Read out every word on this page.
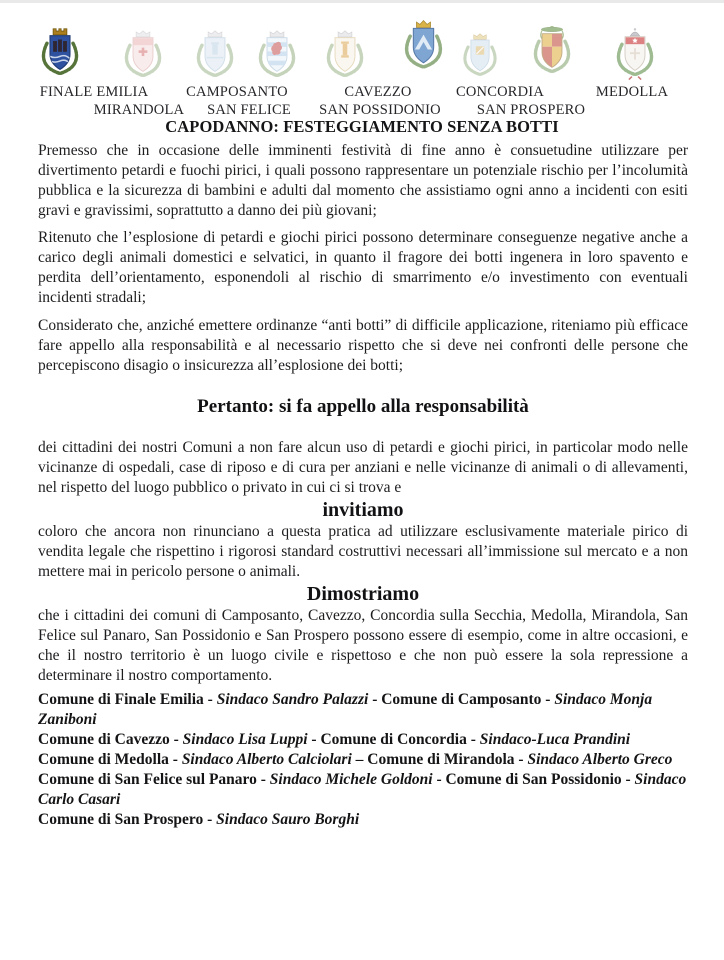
FINALE EMILIA	CAMPOSANTO	CAVEZZO	CONCORDIA	MEDOLLA
MIRANDOLA SAN FELICE SAN POSSIDONIO SAN PROSPERO
CAPODANNO: FESTEGGIAMENTO SENZA BOTTI

Premesso che in occasione delle imminenti festività di fine anno è consuetudine utilizzare per divertimento petardi e fuochi pirici, i quali possono rappresentare un potenziale rischio per l’incolumità pubblica e la sicurezza di bambini e adulti dal momento che assistiamo ogni anno a incidenti con esiti gravi e gravissimi, soprattutto a danno dei più giovani;

Ritenuto che l’esplosione di petardi e giochi pirici possono determinare conseguenze negative anche a carico degli animali domestici e selvatici, in quanto il fragore dei botti ingenera in loro spavento e perdita dell’orientamento, esponendoli al rischio di smarrimento e/o investimento con eventuali incidenti stradali;

Considerato che, anziché emettere ordinanze “anti botti” di difficile applicazione, riteniamo più efficace fare appello alla responsabilità e al necessario rispetto che si deve nei confronti delle persone che percepiscono disagio o insicurezza all’esplosione dei botti;

Pertanto: si fa appello alla responsabilità

dei cittadini dei nostri Comuni a non fare alcun uso di petardi e giochi pirici, in particolar modo nelle vicinanze di ospedali, case di riposo e di cura per anziani e nelle vicinanze di animali o di allevamenti, nel rispetto del luogo pubblico o privato in cui ci si trova e

invitiamo

coloro che ancora non rinunciano a questa pratica ad utilizzare esclusivamente materiale pirico di vendita legale che rispettino i rigorosi standard costruttivi necessari all’immissione sul mercato e a non mettere mai in pericolo persone o animali.

Dimostriamo

che i cittadini dei comuni di Camposanto, Cavezzo, Concordia sulla Secchia, Medolla, Mirandola, San Felice sul Panaro, San Possidonio e San Prospero possono essere di esempio, come in altre occasioni, e che il nostro territorio è un luogo civile e rispettoso e che non può essere la sola repressione a determinare il nostro comportamento.

Comune di Finale Emilia - Sindaco Sandro Palazzi - Comune di Camposanto - Sindaco Monja Zaniboni

Comune di Cavezzo - Sindaco Lisa Luppi - Comune di Concordia - Sindaco-Luca Prandini

Comune di Medolla - Sindaco Alberto Calciolari – Comune di Mirandola - Sindaco Alberto Greco

Comune di San Felice sul Panaro - Sindaco Michele Goldoni - Comune di San Possidonio - Sindaco Carlo Casari

Comune di San Prospero - Sindaco Sauro Borghi
